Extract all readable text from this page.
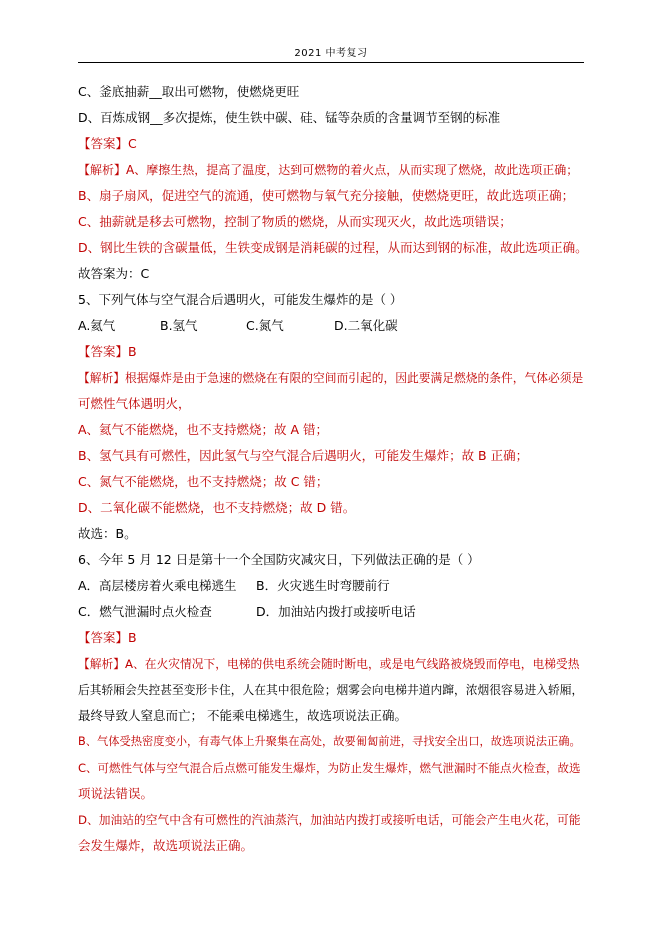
2021 中考复习
C、釜底抽薪__取出可燃物，使燃烧更旺
D、百炼成钢__多次提炼，使生铁中碳、硅、锰等杂质的含量调节至钢的标准
【答案】C
【解析】A、摩擦生热，提高了温度，达到可燃物的着火点，从而实现了燃烧，故此选项正确；
B、扇子扇风，促进空气的流通，使可燃物与氧气充分接触，使燃烧更旺，故此选项正确；
C、抽薪就是移去可燃物，控制了物质的燃烧，从而实现灭火，故此选项错误；
D、钢比生铁的含碳量低，生铁变成钢是消耗碳的过程，从而达到钢的标准，故此选项正确。
故答案为：C
5、下列气体与空气混合后遇明火，可能发生爆炸的是（ ）
A.氦气	B.氢气	C.氮气	D.二氧化碳
【答案】B
【解析】根据爆炸是由于急速的燃烧在有限的空间而引起的，因此要满足燃烧的条件，气体必须是
可燃性气体遇明火，
A、氦气不能燃烧，也不支持燃烧；故 A 错；
B、氢气具有可燃性，因此氢气与空气混合后遇明火，可能发生爆炸；故 B 正确；
C、氮气不能燃烧，也不支持燃烧；故 C 错；
D、二氧化碳不能燃烧，也不支持燃烧；故 D 错。
故选：B。
6、今年 5 月 12 日是第十一个全国防灾减灾日，下列做法正确的是（ ）
A．高层楼房着火乘电梯逃生 B．火灾逃生时弯腰前行
C．燃气泄漏时点火检查	D．加油站内拨打或接听电话
【答案】B
【解析】A、在火灾情况下，电梯的供电系统会随时断电，或是电气线路被烧毁而停电，电梯受热
后其轿厢会失控甚至变形卡住，人在其中很危险；烟雾会向电梯井道内蹿，浓烟很容易进入轿厢，
最终导致人窒息而亡； 不能乘电梯逃生，故选项说法正确。
B、气体受热密度变小，有毒气体上升聚集在高处，故要匍匐前进，寻找安全出口，故选项说法正确。
C、可燃性气体与空气混合后点燃可能发生爆炸，为防止发生爆炸，燃气泄漏时不能点火检查，故选
项说法错误。
D、加油站的空气中含有可燃性的汽油蒸汽，加油站内拨打或接听电话，可能会产生电火花，可能
会发生爆炸，故选项说法正确。
